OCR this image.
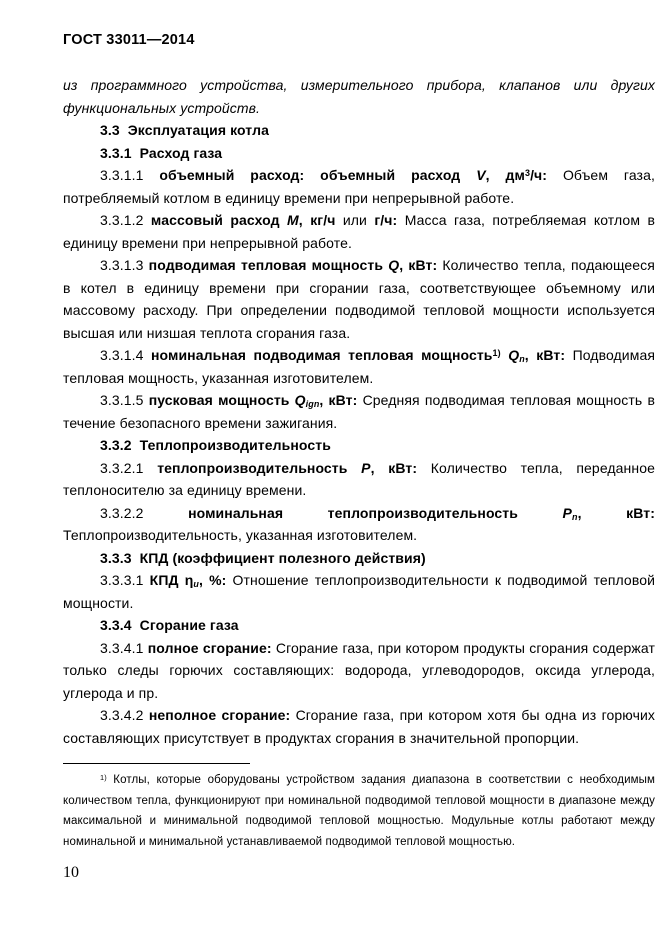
ГОСТ 33011—2014
из программного устройства, измерительного прибора, клапанов или других функциональных устройств.
3.3  Эксплуатация котла
3.3.1  Расход газа
3.3.1.1 объемный расход: объемный расход V, $дм^3/ч$: Объем газа, потребляемый котлом в единицу времени при непрерывной работе.
3.3.1.2 массовый расход М, кг/ч или г/ч: Масса газа, потребляемая котлом в единицу времени при непрерывной работе.
3.3.1.3 подводимая тепловая мощность Q, кВт: Количество тепла, подающееся в котел в единицу времени при сгорании газа, соответствующее объемному или массовому расходу. При определении подводимой тепловой мощности используется высшая или низшая теплота сгорания газа.
3.3.1.4 номинальная подводимая тепловая мощность$^{1)}$ $Q_n$, кВт: Подводимая тепловая мощность, указанная изготовителем.
3.3.1.5 пусковая мощность $Q_{ign}$, кВт: Средняя подводимая тепловая мощность в течение безопасного времени зажигания.
3.3.2  Теплопроизводительность
3.3.2.1 теплопроизводительность P, кВт: Количество тепла, переданное теплоносителю за единицу времени.
3.3.2.2 номинальная теплопроизводительность $P_n$, кВт: Теплопроизводительность, указанная изготовителем.
3.3.3  КПД (коэффициент полезного действия)
3.3.3.1 КПД $\eta_u$, %: Отношение теплопроизводительности к подводимой тепловой мощности.
3.3.4  Сгорание газа
3.3.4.1 полное сгорание: Сгорание газа, при котором продукты сгорания содержат только следы горючих составляющих: водорода, углеводородов, оксида углерода, углерода и пр.
3.3.4.2 неполное сгорание: Сгорание газа, при котором хотя бы одна из горючих составляющих присутствует в продуктах сгорания в значительной пропорции.
$^{1)}$ Котлы, которые оборудованы устройством задания диапазона в соответствии с необходимым количеством тепла, функционируют при номинальной подводимой тепловой мощности в диапазоне между максимальной и минимальной подводимой тепловой мощностью. Модульные котлы работают между номинальной и минимальной устанавливаемой подводимой тепловой мощностью.
10
